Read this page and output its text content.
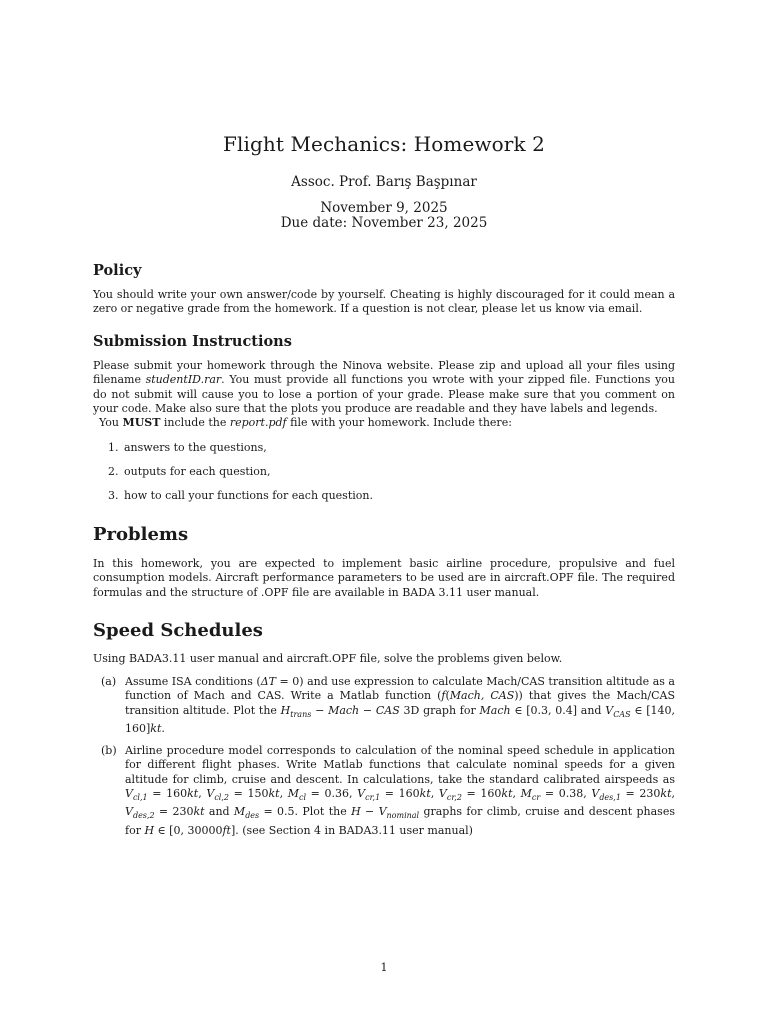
Flight Mechanics: Homework 2
Assoc. Prof. Barış Başpınar
November 9, 2025
Due date: November 23, 2025
Policy
You should write your own answer/code by yourself. Cheating is highly discouraged for it could mean a zero or negative grade from the homework. If a question is not clear, please let us know via email.
Submission Instructions
Please submit your homework through the Ninova website. Please zip and upload all your files using filename studentID.rar. You must provide all functions you wrote with your zipped file. Functions you do not submit will cause you to lose a portion of your grade. Please make sure that you comment on your code. Make also sure that the plots you produce are readable and they have labels and legends.
You MUST include the report.pdf file with your homework. Include there:
1. answers to the questions,
2. outputs for each question,
3. how to call your functions for each question.
Problems
In this homework, you are expected to implement basic airline procedure, propulsive and fuel consumption models. Aircraft performance parameters to be used are in aircraft.OPF file. The required formulas and the structure of .OPF file are available in BADA 3.11 user manual.
Speed Schedules
Using BADA3.11 user manual and aircraft.OPF file, solve the problems given below.
(a) Assume ISA conditions (ΔT = 0) and use expression to calculate Mach/CAS transition altitude as a function of Mach and CAS. Write a Matlab function (f(Mach, CAS)) that gives the Mach/CAS transition altitude. Plot the $H_{trans}$ − Mach − CAS 3D graph for Mach ∈ [0.3, 0.4] and $V_{CAS}$ ∈ [140, 160]kt.
(b) Airline procedure model corresponds to calculation of the nominal speed schedule in application for different flight phases. Write Matlab functions that calculate nominal speeds for a given altitude for climb, cruise and descent. In calculations, take the standard calibrated airspeeds as $V_{cl,1} = 160kt$, $V_{cl,2} = 150kt$, $M_{cl} = 0.36$, $V_{cr,1} = 160kt$, $V_{cr,2} = 160kt$, $M_{cr} = 0.38$, $V_{des,1} = 230kt$, $V_{des,2} = 230kt$ and $M_{des} = 0.5$. Plot the $H - V_{nominal}$ graphs for climb, cruise and descent phases for H ∈ [0, 30000ft]. (see Section 4 in BADA3.11 user manual)
1
